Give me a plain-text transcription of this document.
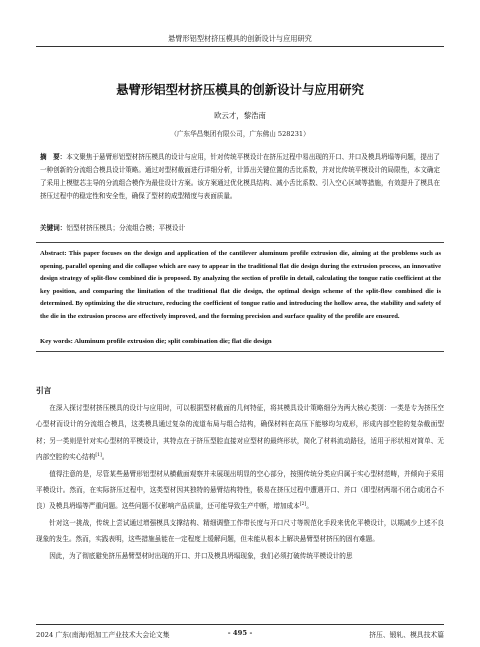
悬臂形铝型材挤压模具的创新设计与应用研究
悬臂形铝型材挤压模具的创新设计与应用研究
欧云才，黎浩南
（广东华昌集团有限公司，广东佛山 528231）
摘　要：本文聚焦于悬臂形铝型材挤压模具的设计与应用，针对传统平模设计在挤压过程中易出现的开口、并口及模具坍塌等问题，提出了一种创新的分流组合模具设计策略。通过对型材截面进行详细分析，计算出关键位置的舌比系数，并对比传统平模设计的局限性，本文确定了采用上模壁芯主导的分流组合模作为最佳设计方案。该方案通过优化模具结构、减小舌比系数、引入空心区域等措施，有效提升了模具在挤压过程中的稳定性和安全性，确保了型材的成型精度与表面质量。
关键词：铝型材挤压模具；分流组合模；平模设计
Abstract: This paper focuses on the design and application of the cantilever aluminum profile extrusion die, aiming at the problems such as opening, parallel opening and die collapse which are easy to appear in the traditional flat die design during the extrusion process, an innovative design strategy of split-flow combined die is proposed. By analyzing the section of profile in detail, calculating the tongue ratio coefficient at the key position, and comparing the limitation of the traditional flat die design, the optimal design scheme of the split-flow combined die is determined. By optimizing the die structure, reducing the coefficient of tongue ratio and introducing the hollow area, the stability and safety of the die in the extrusion process are effectively improved, and the forming precision and surface quality of the profile are ensured.
Key words: Aluminum profile extrusion die; split combination die; flat die design
引言

在深入探讨型材挤压模具的设计与应用时，可以根据型材截面的几何特征，将其模具设计策略细分为两大核心类别：一类是专为挤压空心型材而设计的分流组合模具，这类模具通过复杂的流道布局与组合结构，确保材料在高压下能够均匀成形，形成内部空腔的复杂截面型材；另一类则是针对实心型材的平模设计，其特点在于挤压型腔直接对应型材的最终形状，简化了材料流动路径，适用于形状相对简单、无内部空腔的实心结构[1]。

值得注意的是，尽管某些悬臂形铝型材从横截面观察并未展现出明显的空心部分，按照传统分类应归属于实心型材范畴，并倾向于采用平模设计。然而，在实际挤压过程中，这类型材因其独特的悬臂结构特性，极易在挤压过程中遭遇开口、并口（即型材两端不闭合或闭合不良）及模具坍塌等严重问题。这些问题不仅影响产品质量，还可能导致生产中断，增加成本[2]。

针对这一挑战，传统上尝试通过增强模具支撑结构、精细调整工作带长度与开口尺寸等规范化手段来优化平模设计，以期减少上述不良现象的发生。然而，实践表明，这些措施虽能在一定程度上缓解问题，但未能从根本上解决悬臂型材挤压的固有难题。

因此，为了彻底避免挤压悬臂型材时出现的开口、并口及模具坍塌现象，我们必须打破传统平模设计的思

2024 广东(南海)铝加工产业技术大会论文集	- 495 -	挤压、锻轧、模具技术篇
